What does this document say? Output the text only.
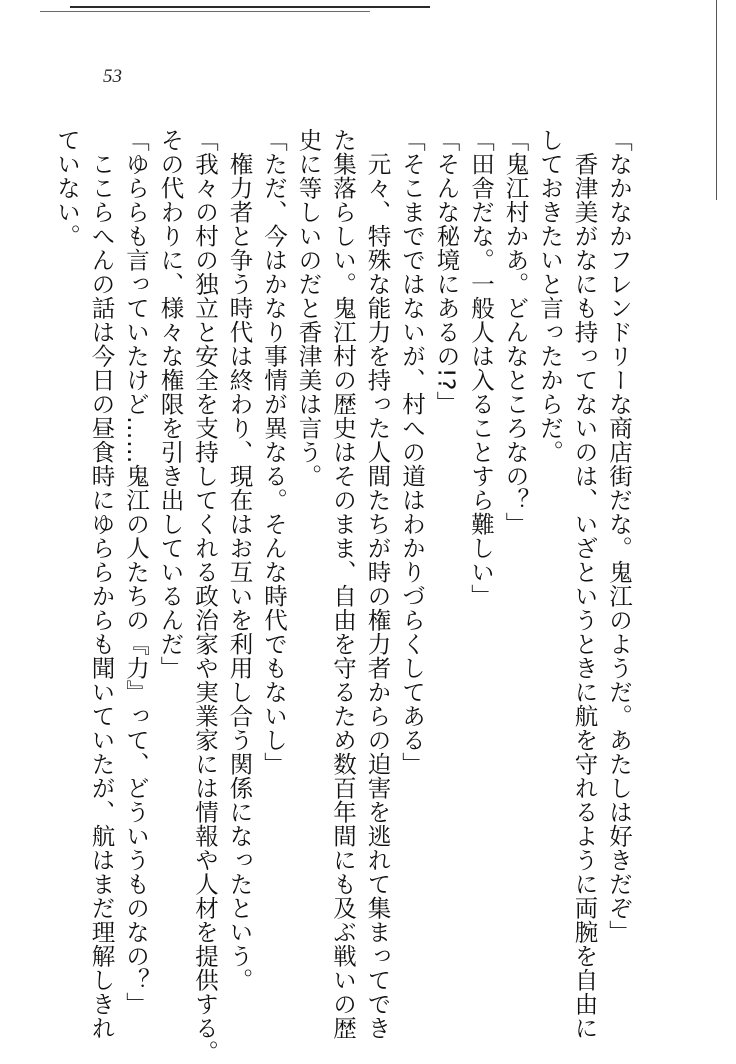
53
「なかなかフレンドリーな商店街だな。鬼江のようだ。あたしは好きだぞ」
　香津美がなにも持ってないのは、いざというときに航を守れるように両腕を自由に
しておきたいと言ったからだ。
「鬼江村かあ。どんなところなの？」
「田舎だな。一般人は入ることすら難しい」
「そんな秘境にあるの!?」
「そこまでではないが、村への道はわかりづらくしてある」
　元々、特殊な能力を持った人間たちが時の権力者からの迫害を逃れて集まってでき
た集落らしい。鬼江村の歴史はそのまま、自由を守るため数百年間にも及ぶ戦いの歴
史に等しいのだと香津美は言う。
「ただ、今はかなり事情が異なる。そんな時代でもないし」
　権力者と争う時代は終わり、現在はお互いを利用し合う関係になったという。
「我々の村の独立と安全を支持してくれる政治家や実業家には情報や人材を提供する。
その代わりに、様々な権限を引き出しているんだ」
「ゆららも言っていたけど……鬼江の人たちの『力』って、どういうものなの？」
　ここらへんの話は今日の昼食時にゆららからも聞いていたが、航はまだ理解しきれ
ていない。
